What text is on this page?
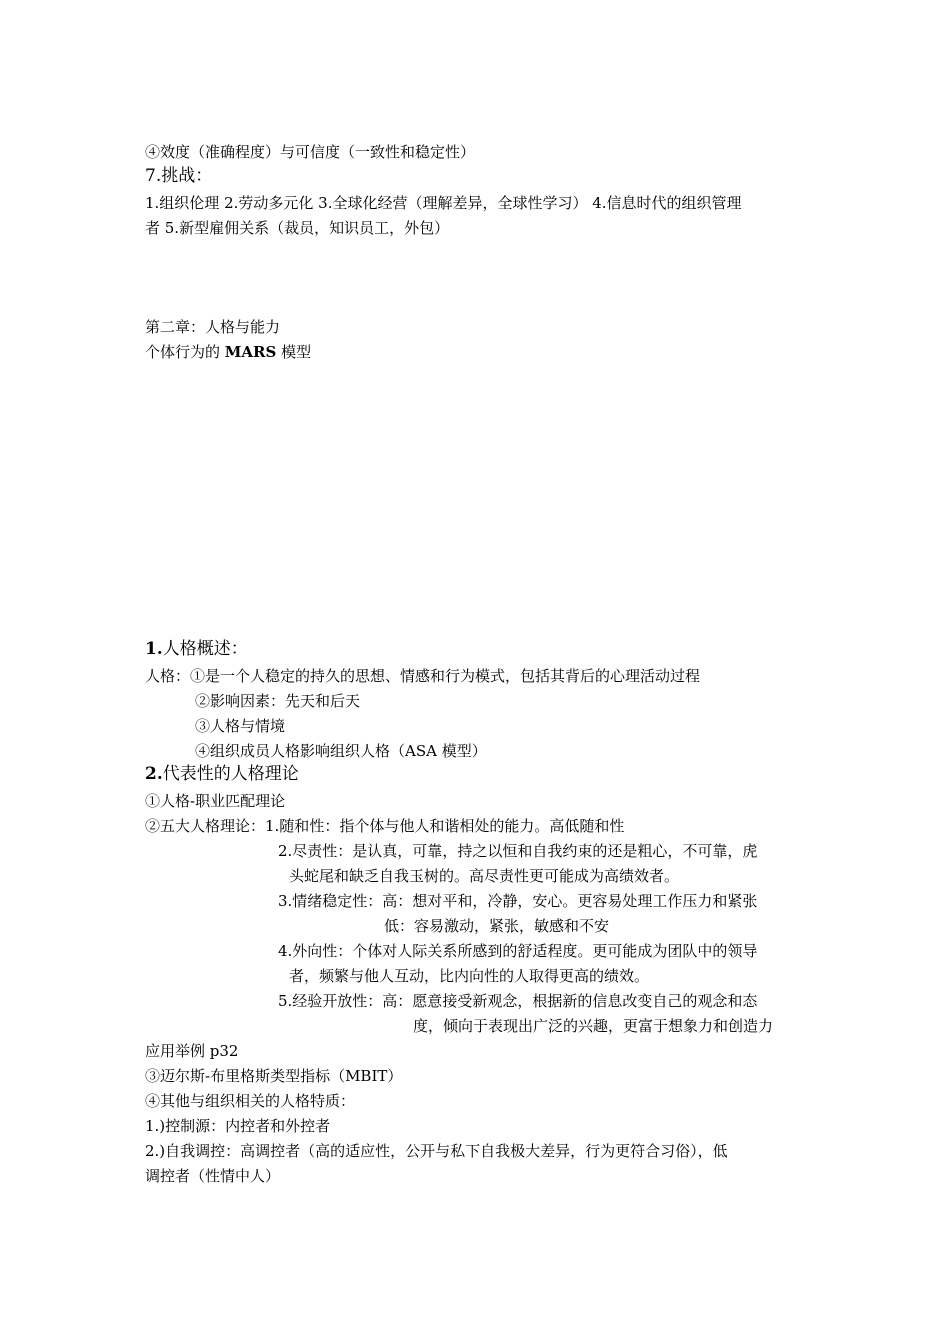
④效度（准确程度）与可信度（一致性和稳定性）
7.挑战：
1.组织伦理 2.劳动多元化 3.全球化经营（理解差异，全球性学习） 4.信息时代的组织管理
者 5.新型雇佣关系（裁员，知识员工，外包）
第二章：人格与能力
个体行为的 MARS 模型
1.人格概述：
人格：①是一个人稳定的持久的思想、情感和行为模式，包括其背后的心理活动过程
②影响因素：先天和后天
③人格与情境
④组织成员人格影响组织人格（ASA 模型）
2.代表性的人格理论
①人格-职业匹配理论
②五大人格理论：1.随和性：指个体与他人和谐相处的能力。高低随和性
2.尽责性：是认真，可靠，持之以恒和自我约束的还是粗心，不可靠，虎
头蛇尾和缺乏自我玉树的。高尽责性更可能成为高绩效者。
3.情绪稳定性：高：想对平和，冷静，安心。更容易处理工作压力和紧张
低：容易激动，紧张，敏感和不安
4.外向性：个体对人际关系所感到的舒适程度。更可能成为团队中的领导
者，频繁与他人互动，比内向性的人取得更高的绩效。
5.经验开放性：高：愿意接受新观念，根据新的信息改变自己的观念和态
度，倾向于表现出广泛的兴趣，更富于想象力和创造力
应用举例 p32
③迈尔斯-布里格斯类型指标（MBIT）
④其他与组织相关的人格特质：
1.)控制源：内控者和外控者
2.)自我调控：高调控者（高的适应性，公开与私下自我极大差异，行为更符合习俗），低
调控者（性情中人）
